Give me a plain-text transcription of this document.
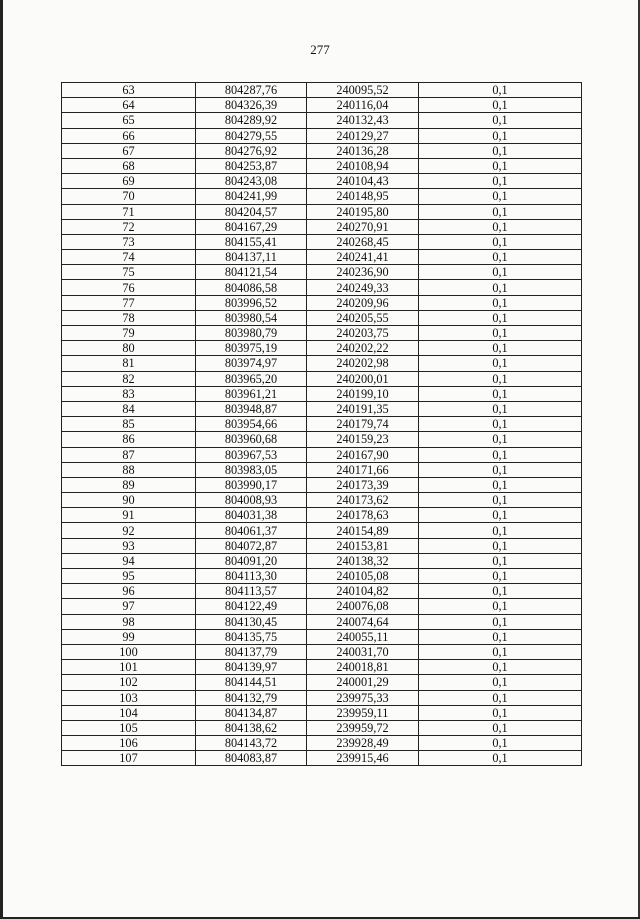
277
63	804287,76	240095,52	0,1
64	804326,39	240116,04	0,1
65	804289,92	240132,43	0,1
66	804279,55	240129,27	0,1
67	804276,92	240136,28	0,1
68	804253,87	240108,94	0,1
69	804243,08	240104,43	0,1
70	804241,99	240148,95	0,1
71	804204,57	240195,80	0,1
72	804167,29	240270,91	0,1
73	804155,41	240268,45	0,1
74	804137,11	240241,41	0,1
75	804121,54	240236,90	0,1
76	804086,58	240249,33	0,1
77	803996,52	240209,96	0,1
78	803980,54	240205,55	0,1
79	803980,79	240203,75	0,1
80	803975,19	240202,22	0,1
81	803974,97	240202,98	0,1
82	803965,20	240200,01	0,1
83	803961,21	240199,10	0,1
84	803948,87	240191,35	0,1
85	803954,66	240179,74	0,1
86	803960,68	240159,23	0,1
87	803967,53	240167,90	0,1
88	803983,05	240171,66	0,1
89	803990,17	240173,39	0,1
90	804008,93	240173,62	0,1
91	804031,38	240178,63	0,1
92	804061,37	240154,89	0,1
93	804072,87	240153,81	0,1
94	804091,20	240138,32	0,1
95	804113,30	240105,08	0,1
96	804113,57	240104,82	0,1
97	804122,49	240076,08	0,1
98	804130,45	240074,64	0,1
99	804135,75	240055,11	0,1
100	804137,79	240031,70	0,1
101	804139,97	240018,81	0,1
102	804144,51	240001,29	0,1
103	804132,79	239975,33	0,1
104	804134,87	239959,11	0,1
105	804138,62	239959,72	0,1
106	804143,72	239928,49	0,1
107	804083,87	239915,46	0,1
